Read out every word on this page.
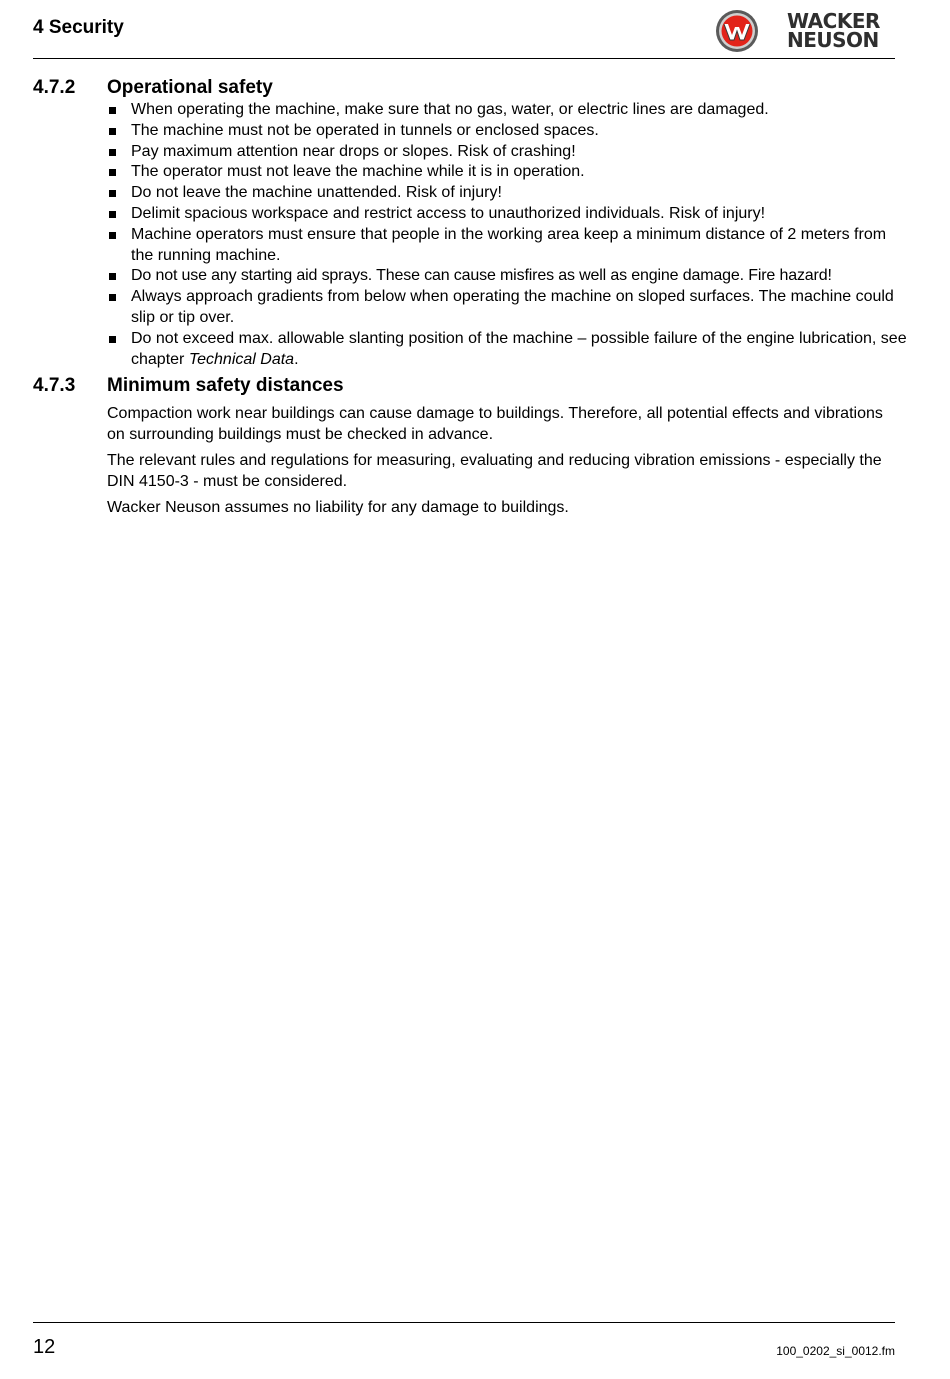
4 Security	WACKER
NEUSON

4.7.2 Operational safety
When operating the machine, make sure that no gas, water, or electric lines are damaged.
The machine must not be operated in tunnels or enclosed spaces.
Pay maximum attention near drops or slopes. Risk of crashing!
The operator must not leave the machine while it is in operation.
Do not leave the machine unattended. Risk of injury!
Delimit spacious workspace and restrict access to unauthorized individuals. Risk of injury!
Machine operators must ensure that people in the working area keep a minimum distance of 2 meters from the running machine.
Do not use any starting aid sprays. These can cause misfires as well as engine damage. Fire hazard!
Always approach gradients from below when operating the machine on sloped surfaces. The machine could slip or tip over.
Do not exceed max. allowable slanting position of the machine – possible failure of the engine lubrication, see chapter Technical Data.
4.7.3 Minimum safety distances

Compaction work near buildings can cause damage to buildings. Therefore, all potential effects and vibrations on surrounding buildings must be checked in advance.

The relevant rules and regulations for measuring, evaluating and reducing vibration emissions - especially the DIN 4150-3 - must be considered.

Wacker Neuson assumes no liability for any damage to buildings.

12	100_0202_si_0012.fm
